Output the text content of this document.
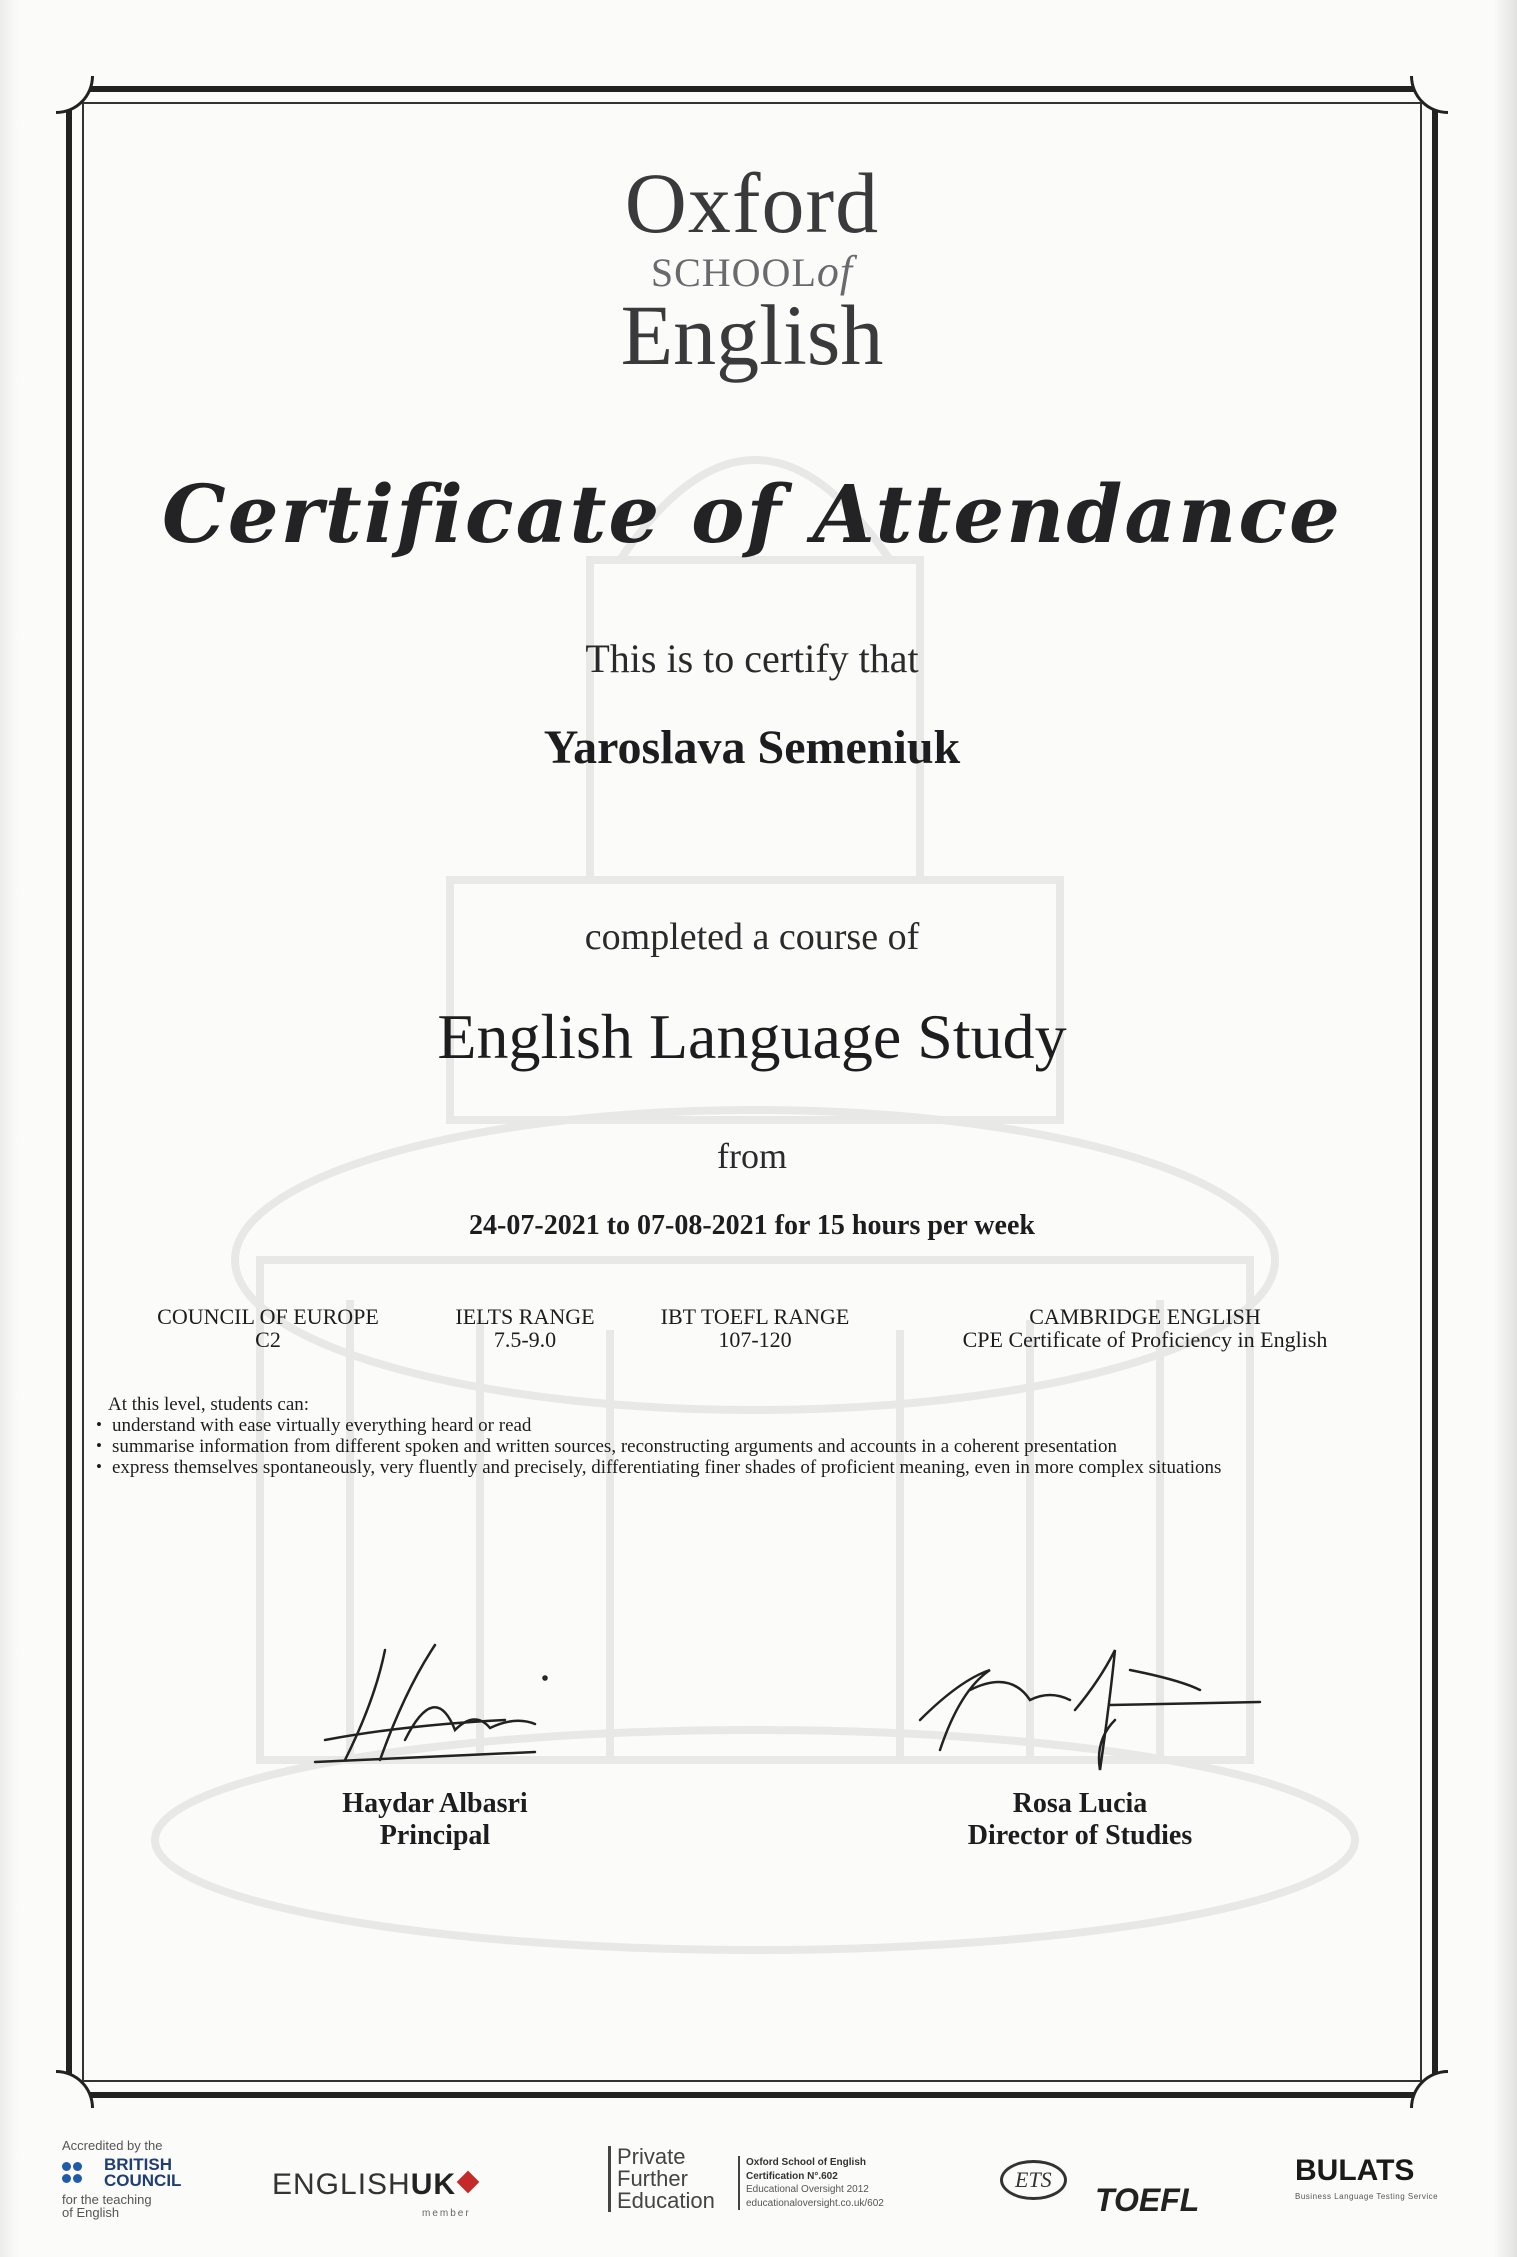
Oxford
SCHOOLof
English
Certificate of Attendance
This is to certify that
Yaroslava Semeniuk
completed a course of
English Language Study
from
24-07-2021 to 07-08-2021 for 15 hours per week
COUNCIL OF EUROPE
C2
IELTS RANGE
7.5-9.0
IBT TOEFL RANGE
107-120
CAMBRIDGE ENGLISH
CPE Certificate of Proficiency in English
At this level, students can:
• understand with ease virtually everything heard or read
• summarise information from different spoken and written sources, reconstructing arguments and accounts in a coherent presentation
• express themselves spontaneously, very fluently and precisely, differentiating finer shades of proficient meaning, even in more complex situations
Haydar Albasri
Principal
Rosa Lucia
Director of Studies
Accredited by the
BRITISH
COUNCIL
for the teaching
of English
ENGLISHUK
member
Private
Further
Education
Oxford School of English
Certification N°.602
Educational Oversight 2012
educationaloversight.co.uk/602
ETS
TOEFL
BULATS
Business Language Testing Service
